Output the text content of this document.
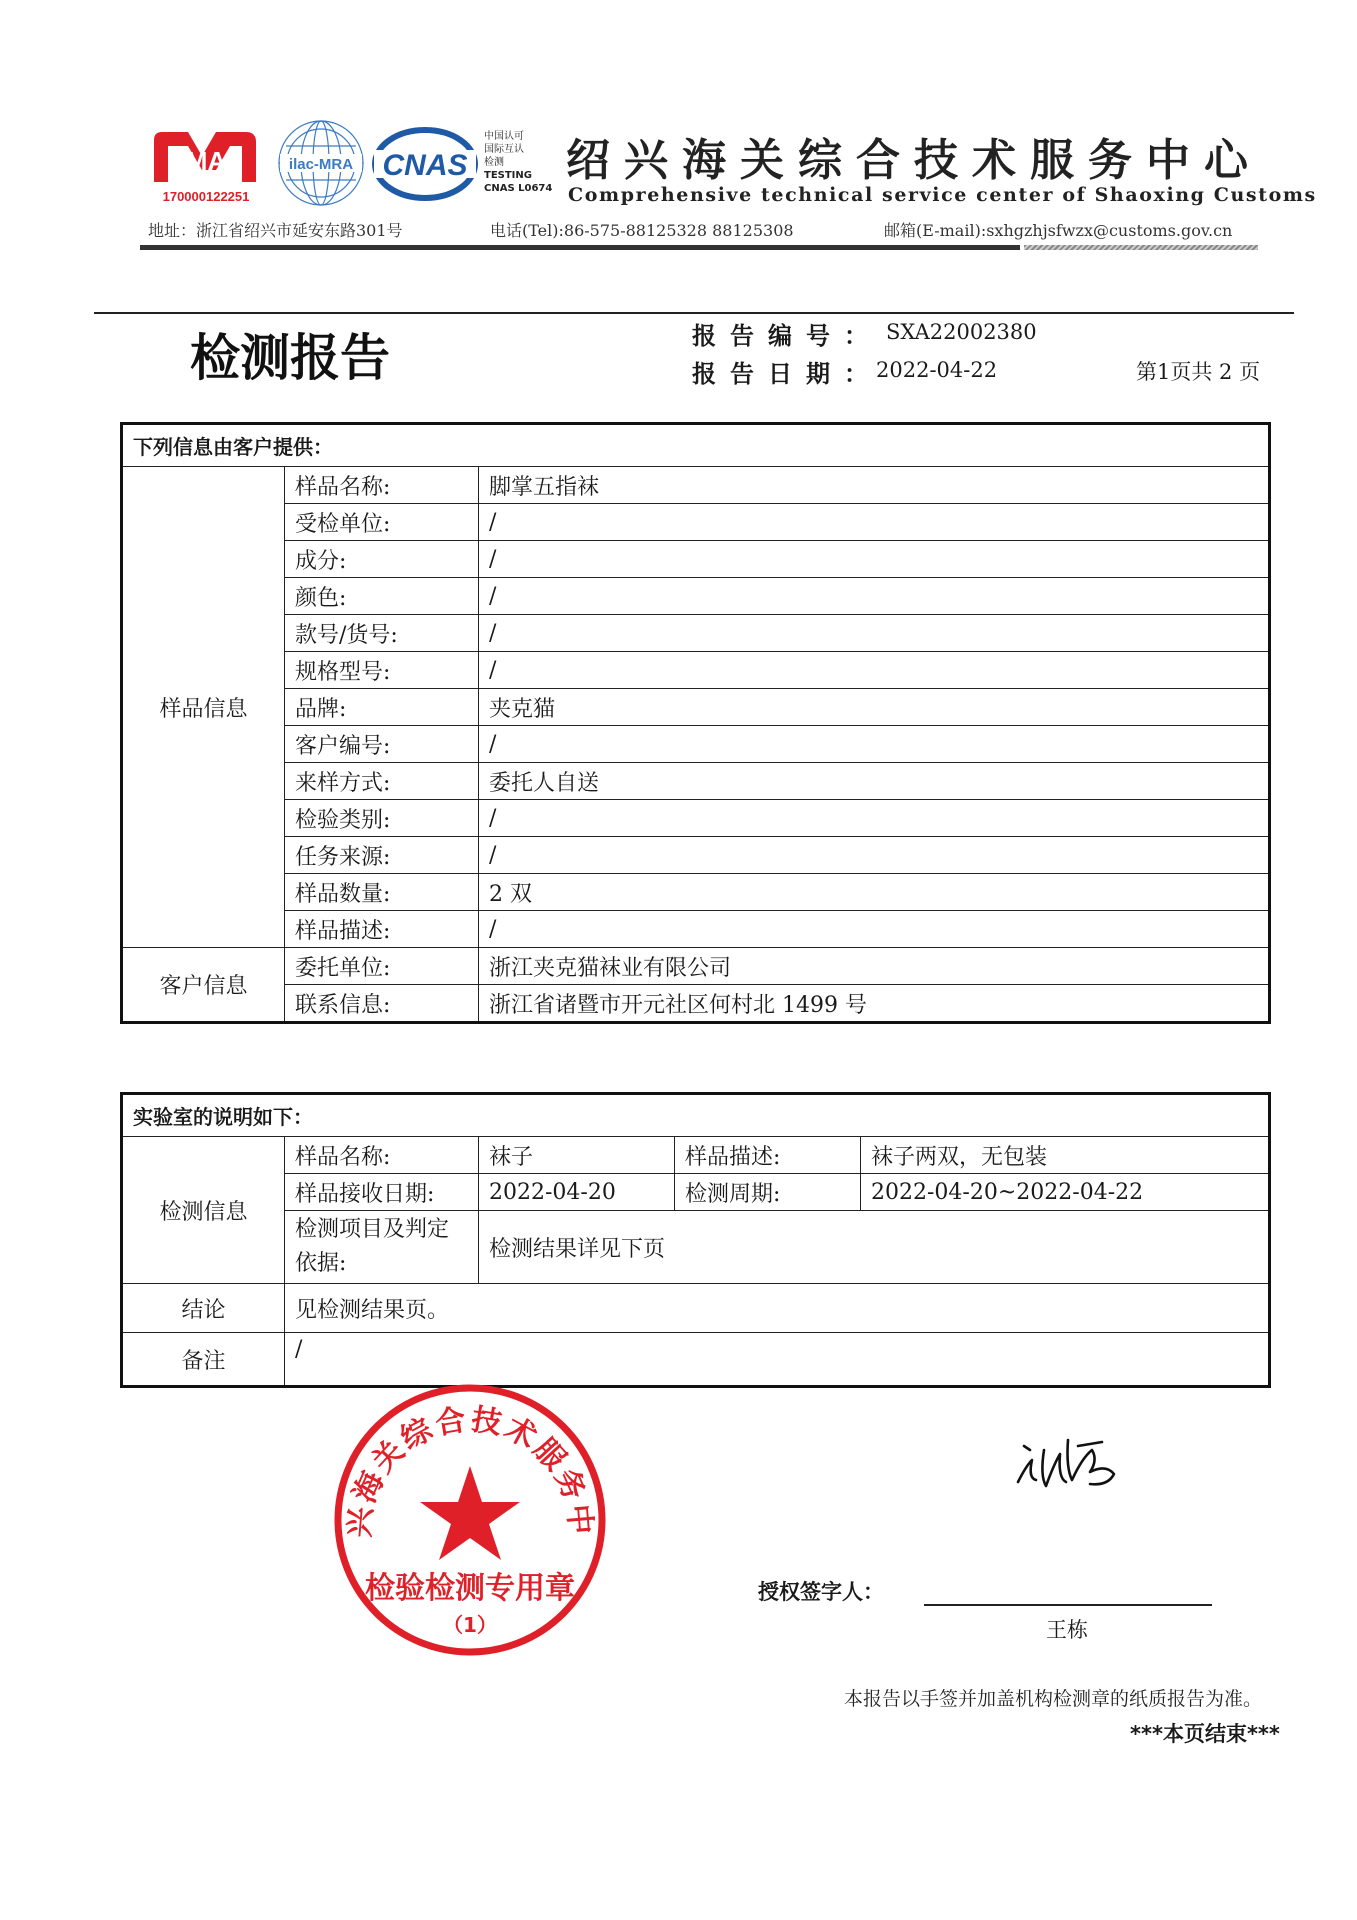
MA
170000122251
ilac-MRA CNAS
中国认可
国际互认
检测
TESTING
CNAS L0674
绍兴海关综合技术服务中心
Comprehensive technical service center of Shaoxing Customs
地址：浙江省绍兴市延安东路301号	电话(Tel):86-575-88125328 88125308	邮箱(E-mail):sxhgzhjsfwzx@customs.gov.cn
检测报告	报告编号： SXA22002380
报告日期：
2022-04-22	第1页共 2 页
下列信息由客户提供：		
样品信息	样品名称:	脚掌五指袜
	受检单位:	/
	成分:	/
	颜色:	/
	款号/货号:	/
	规格型号:	/
	品牌:	夹克猫
	客户编号:	/
	来样方式:	委托人自送
	检验类别:	/
	任务来源:	/
	样品数量:	2 双
	样品描述:	/
客户信息	委托单位:	浙江夹克猫袜业有限公司
	联系信息:	浙江省诸暨市开元社区何村北 1499 号
实验室的说明如下：				
检测信息	样品名称:	袜子	样品描述:	袜子两双，无包装
	样品接收日期:	2022-04-20	检测周期:	2022-04-20~2022-04-22
	检测项目及判定依据:	检测结果详见下页		
结论	见检测结果页。			
备注	/			
兴海关综合技术服务中
检验检测专用章
（1）
授权签字人：
王栋
本报告以手签并加盖机构检测章的纸质报告为准。
***本页结束***
